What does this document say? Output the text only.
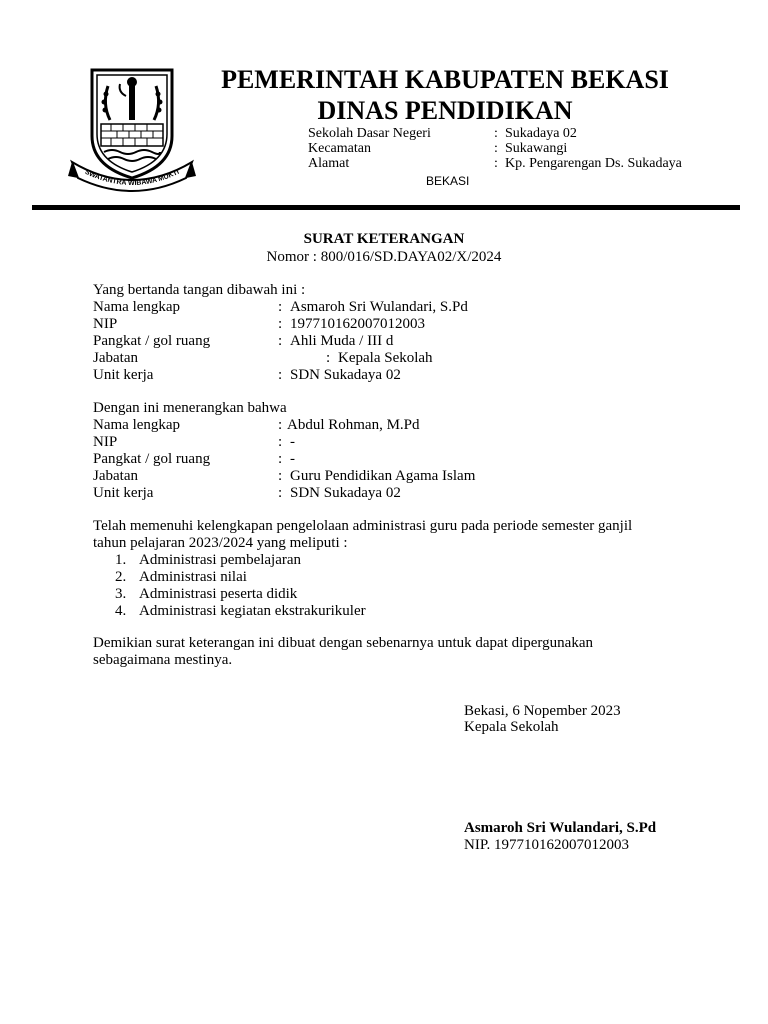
SWATANTRA WIBAWA MUKTI
PEMERINTAH KABUPATEN BEKASI
DINAS PENDIDIKAN
Sekolah Dasar Negeri	: Sukadaya 02
Kecamatan	: Sukawangi
Alamat	: Kp. Pengarengan Ds. Sukadaya
BEKASI
SURAT KETERANGAN
Nomor : 800/016/SD.DAYA02/X/2024
Yang bertanda tangan dibawah ini :
Nama lengkap	: Asmaroh Sri Wulandari, S.Pd
NIP	: 197710162007012003
Pangkat / gol ruang	: Ahli Muda / III d
Jabatan	: Kepala Sekolah
Unit kerja	: SDN Sukadaya 02
Dengan ini menerangkan bahwa
Nama lengkap	: Abdul Rohman, M.Pd
NIP	: -
Pangkat / gol ruang	: -
Jabatan	: Guru Pendidikan Agama Islam
Unit kerja	: SDN Sukadaya 02
Telah memenuhi kelengkapan pengelolaan administrasi guru pada periode semester ganjil
tahun pelajaran 2023/2024 yang meliputi :
1. Administrasi pembelajaran
2. Administrasi nilai
3. Administrasi peserta didik
4. Administrasi kegiatan ekstrakurikuler
Demikian surat keterangan ini dibuat dengan sebenarnya untuk dapat dipergunakan
sebagaimana mestinya.
Bekasi, 6 Nopember 2023
Kepala Sekolah
Asmaroh Sri Wulandari, S.Pd
NIP. 197710162007012003
